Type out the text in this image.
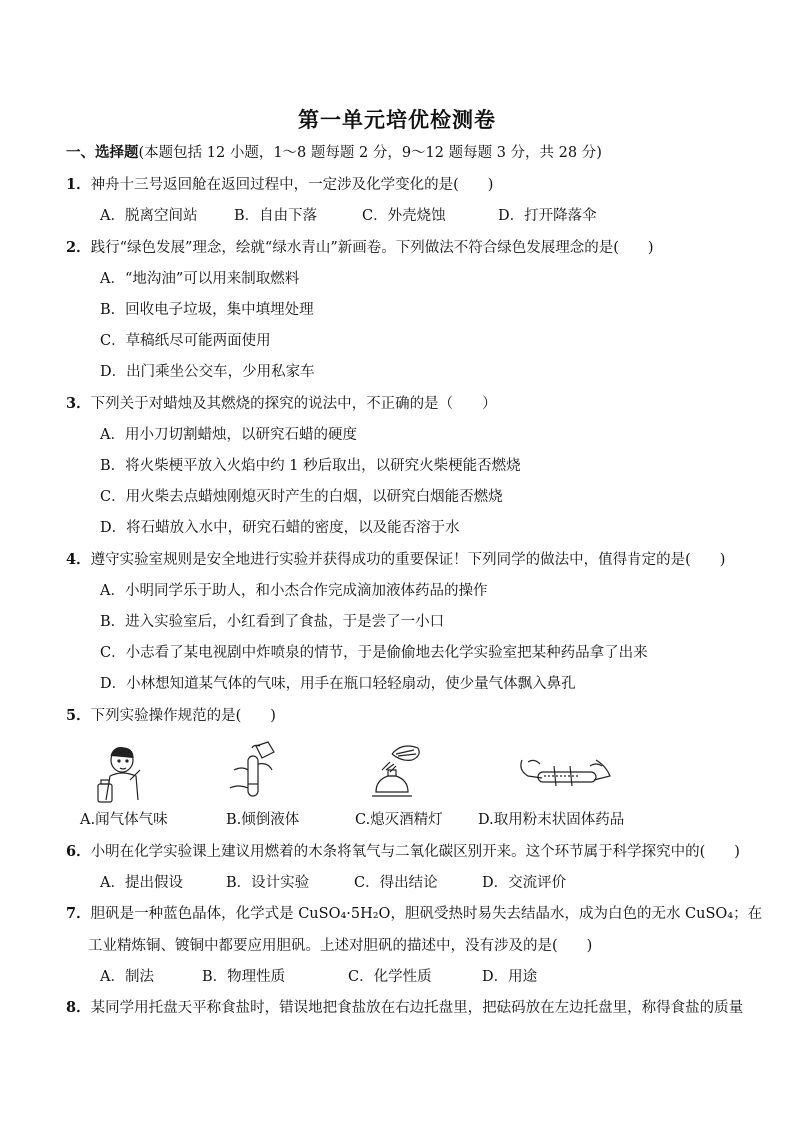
第一单元培优检测卷
一、选择题(本题包括 12 小题，1～8 题每题 2 分，9～12 题每题 3 分，共 28 分)
1．神舟十三号返回舱在返回过程中，一定涉及化学变化的是(　　)
A．脱离空间站	B．自由下落	C．外壳烧蚀	D．打开降落伞
2．践行“绿色发展”理念，绘就“绿水青山”新画卷。下列做法不符合绿色发展理念的是(　　)
A．“地沟油”可以用来制取燃料
B．回收电子垃圾，集中填埋处理
C．草稿纸尽可能两面使用
D．出门乘坐公交车，少用私家车
3．下列关于对蜡烛及其燃烧的探究的说法中，不正确的是（　　）
A．用小刀切割蜡烛，以研究石蜡的硬度
B．将火柴梗平放入火焰中约 1 秒后取出，以研究火柴梗能否燃烧
C．用火柴去点蜡烛刚熄灭时产生的白烟，以研究白烟能否燃烧
D．将石蜡放入水中，研究石蜡的密度，以及能否溶于水
4．遵守实验室规则是安全地进行实验并获得成功的重要保证！下列同学的做法中，值得肯定的是(　　)
A．小明同学乐于助人，和小杰合作完成滴加液体药品的操作
B．进入实验室后，小红看到了食盐，于是尝了一小口
C．小志看了某电视剧中炸喷泉的情节，于是偷偷地去化学实验室把某种药品拿了出来
D．小林想知道某气体的气味，用手在瓶口轻轻扇动，使少量气体飘入鼻孔
5．下列实验操作规范的是(　　)
A.闻气体气味	B.倾倒液体	C.熄灭酒精灯 D.取用粉末状固体药品
6．小明在化学实验课上建议用燃着的木条将氧气与二氧化碳区别开来。这个环节属于科学探究中的(　　)
A．提出假设	B．设计实验	C．得出结论	D．交流评价
7．胆矾是一种蓝色晶体，化学式是 CuSO₄·5H₂O，胆矾受热时易失去结晶水，成为白色的无水 CuSO₄；在
工业精炼铜、镀铜中都要应用胆矾。上述对胆矾的描述中，没有涉及的是(　　)
A．制法	B．物理性质	C．化学性质	D．用途
8．某同学用托盘天平称食盐时，错误地把食盐放在右边托盘里，把砝码放在左边托盘里，称得食盐的质量
